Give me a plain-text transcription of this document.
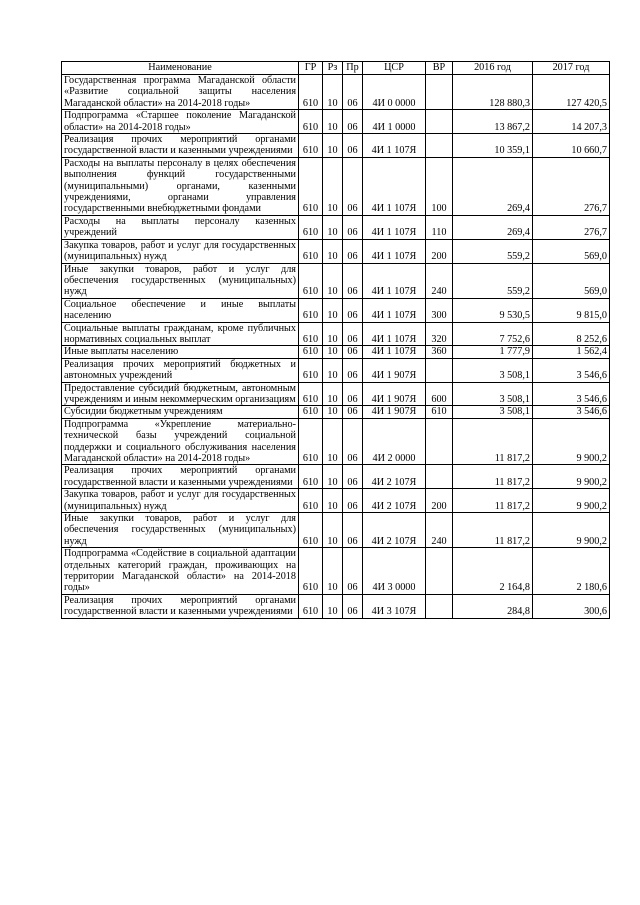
Наименование	ГР	Рз	Пр	ЦСР	ВР	2016 год	2017 год
Государственная программа Магаданской области «Развитие социальной защиты населения Магаданской области» на 2014-2018 годы»	610	10	06	4И 0 0000		128 880,3	127 420,5
Подпрограмма «Старшее поколение Магаданской области» на 2014-2018 годы»	610	10	06	4И 1 0000		13 867,2	14 207,3
Реализация прочих мероприятий органами государственной власти и казенными учреждениями	610	10	06	4И 1 107Я		10 359,1	10 660,7
Расходы на выплаты персоналу в целях обеспечения выполнения функций государственными (муниципальными) органами, казенными учреждениями, органами управления государственными внебюджетными фондами	610	10	06	4И 1 107Я	100	269,4	276,7
Расходы на выплаты персоналу казенных учреждений	610	10	06	4И 1 107Я	110	269,4	276,7
Закупка товаров, работ и услуг для государственных (муниципальных) нужд	610	10	06	4И 1 107Я	200	559,2	569,0
Иные закупки товаров, работ и услуг для обеспечения государственных (муниципальных) нужд	610	10	06	4И 1 107Я	240	559,2	569,0
Социальное обеспечение и иные выплаты населению	610	10	06	4И 1 107Я	300	9 530,5	9 815,0
Социальные выплаты гражданам, кроме публичных нормативных социальных выплат	610	10	06	4И 1 107Я	320	7 752,6	8 252,6
Иные выплаты населению	610	10	06	4И 1 107Я	360	1 777,9	1 562,4
Реализация прочих мероприятий бюджетных и автономных учреждений	610	10	06	4И 1 907Я		3 508,1	3 546,6
Предоставление субсидий бюджетным, автономным учреждениям и иным некоммерческим организациям	610	10	06	4И 1 907Я	600	3 508,1	3 546,6
Субсидии бюджетным учреждениям	610	10	06	4И 1 907Я	610	3 508,1	3 546,6
Подпрограмма «Укрепление материально-технической базы учреждений социальной поддержки и социального обслуживания населения Магаданской области» на 2014-2018 годы»	610	10	06	4И 2 0000		11 817,2	9 900,2
Реализация прочих мероприятий органами государственной власти и казенными учреждениями	610	10	06	4И 2 107Я		11 817,2	9 900,2
Закупка товаров, работ и услуг для государственных (муниципальных) нужд	610	10	06	4И 2 107Я	200	11 817,2	9 900,2
Иные закупки товаров, работ и услуг для обеспечения государственных (муниципальных) нужд	610	10	06	4И 2 107Я	240	11 817,2	9 900,2
Подпрограмма «Содействие в социальной адаптации отдельных категорий граждан, проживающих на территории Магаданской области» на 2014-2018 годы»	610	10	06	4И 3 0000		2 164,8	2 180,6
Реализация прочих мероприятий органами государственной власти и казенными учреждениями	610	10	06	4И 3 107Я		284,8	300,6
